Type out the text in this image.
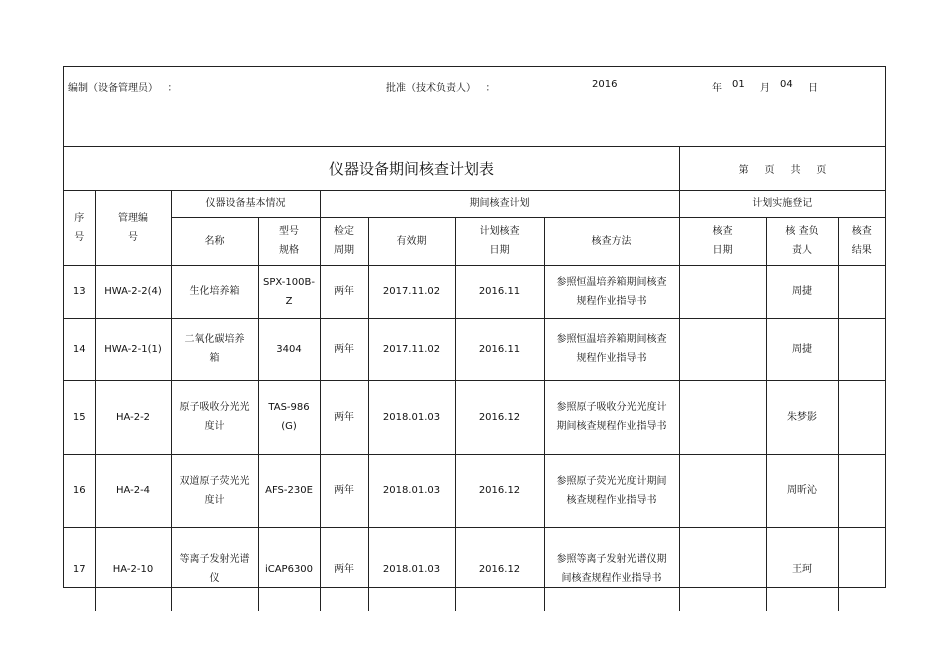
编制（设备管理员）   ：	批准（技术负责人）   ：	2016	年 01 月 04 日
仪器设备期间核查计划表	第     页     共     页
序号	管理编号	仪器设备基本情况		期间核查计划				计划实施登记		
		名称	型号规格	检定周期	有效期	计划核查日期	核查方法	核查日期	核 查负责人	核查结果
13	HWA-2-2(4)	生化培养箱	SPX-100B-Z	两年	2017.11.02	2016.11	参照恒温培养箱期间核查规程作业指导书		周捷	
14	HWA-2-1(1)	二氧化碳培养箱	3404	两年	2017.11.02	2016.11	参照恒温培养箱期间核查规程作业指导书		周捷	
15	HA-2-2	原子吸收分光光度计	TAS-986(G)	两年	2018.01.03	2016.12	参照原子吸收分光光度计期间核查规程作业指导书		朱梦影	
16	HA-2-4	双道原子荧光光度计	AFS-230E	两年	2018.01.03	2016.12	参照原子荧光光度计期间核查规程作业指导书		周昕沁	
17	HA-2-10	等离子发射光谱仪	iCAP6300	两年	2018.01.03	2016.12	参照等离子发射光谱仪期间核查规程作业指导书		王珂	
